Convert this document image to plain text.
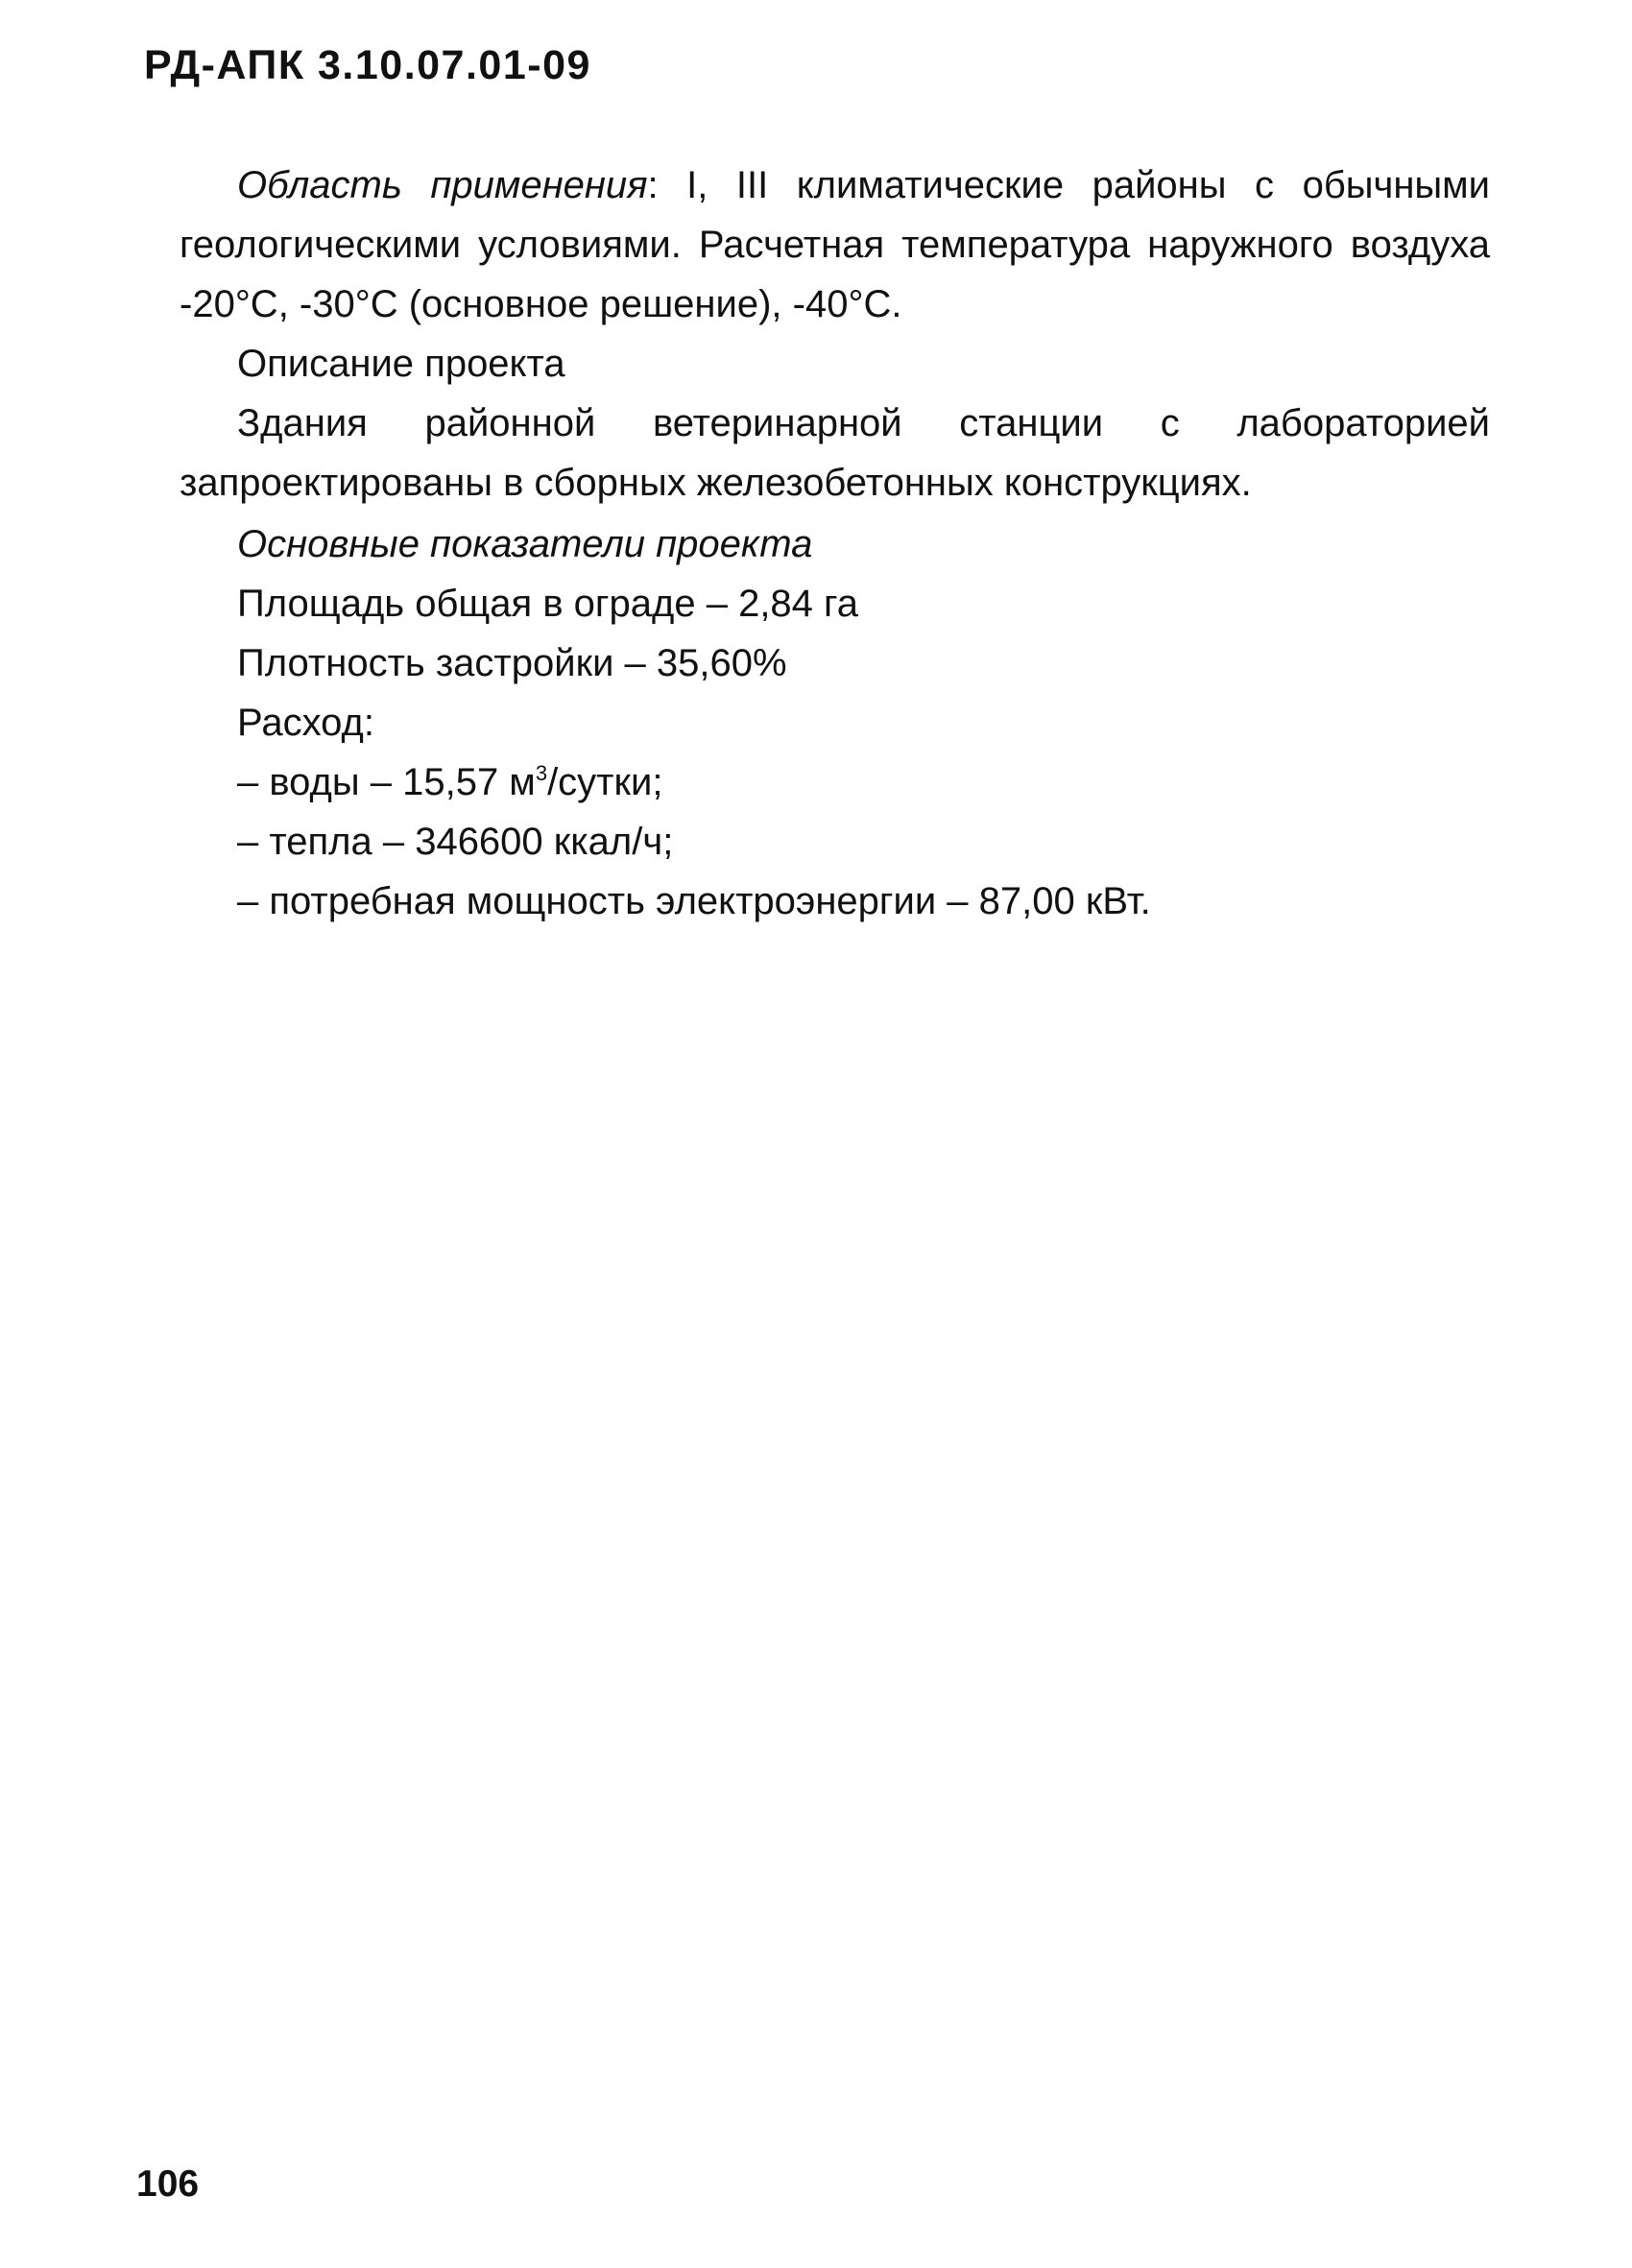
РД-АПК 3.10.07.01-09

Область применения: I, III климатические районы с обычными геологическими условиями. Расчетная температура наружного воздуха -20°С, -30°С (основное решение), -40°С.

Описание проекта

Здания районной ветеринарной станции с лабораторией запроектированы в сборных железобетонных конструкциях.

Основные показатели проекта

Площадь общая в ограде – 2,84 га

Плотность застройки – 35,60%

Расход:

– воды – 15,57 $м^3$/сутки;

– тепла – 346600 ккал/ч;

– потребная мощность электроэнергии – 87,00 кВт.

106
